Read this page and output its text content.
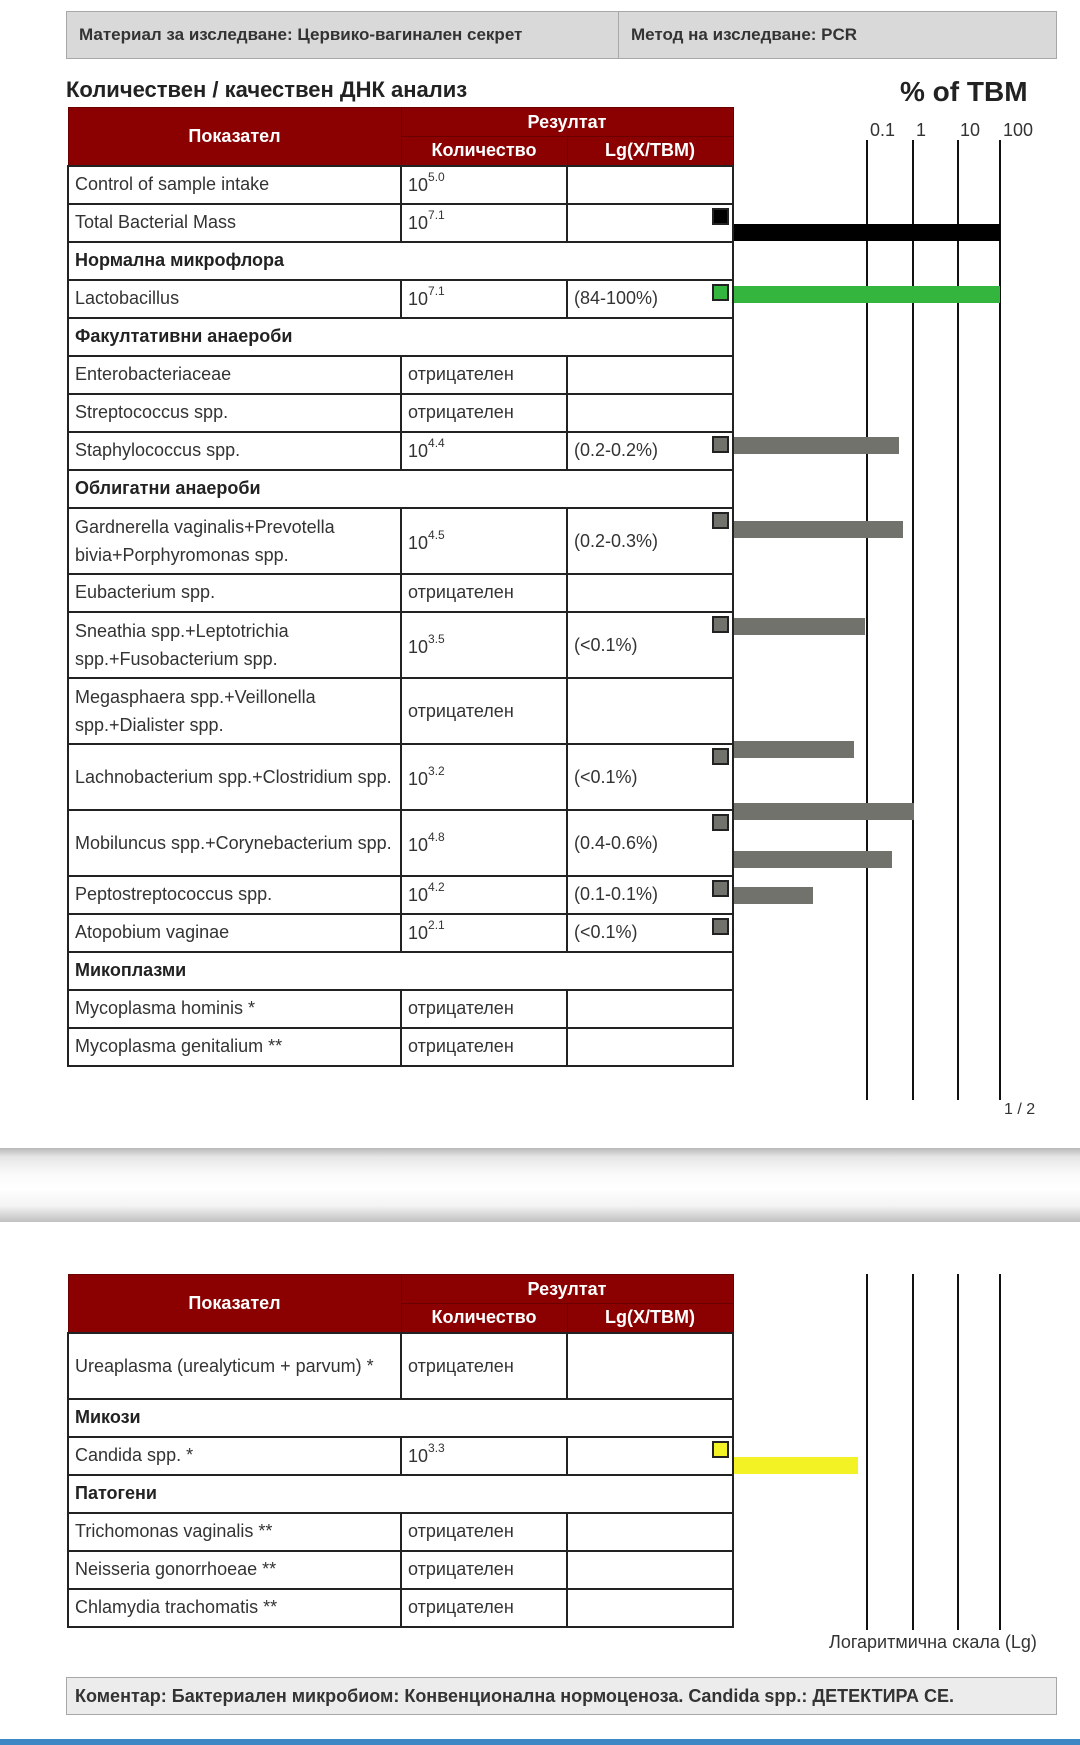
Материал за изследване: Цервико-вагинален секрет	Метод на изследване: PCR
Количествен / качествен ДНК анализ	% of TBM
0.1 1 10 100
Показател	Резултат	
	Количество	Lg(X/TBM)
Control of sample intake	$10^{5.0}$	
Total Bacterial Mass	$10^{7.1}$	

Нормална микрофлора		
Lactobacillus	$10^{7.1}$	(84-100%)

Факултативни анаероби		
Enterobacteriaceae	отрицателен	
Streptococcus spp.	отрицателен	
Staphylococcus spp.	$10^{4.4}$	(0.2-0.2%)

Облигатни анаероби		
Gardnerella vaginalis+Prevotella bivia+Porphyromonas spp.	$10^{4.5}$	(0.2-0.3%)

Eubacterium spp.	отрицателен	
Sneathia spp.+Leptotrichia spp.+Fusobacterium spp.	$10^{3.5}$	(<0.1%)

Megasphaera spp.+Veillonella spp.+Dialister spp.	отрицателен	
Lachnobacterium spp.+Clostridium spp.	$10^{3.2}$	(<0.1%)

Mobiluncus spp.+Corynebacterium spp.	$10^{4.8}$	(0.4-0.6%)

Peptostreptococcus spp.	$10^{4.2}$	(0.1-0.1%)

Atopobium vaginae	$10^{2.1}$	(<0.1%)

Микоплазми		
Mycoplasma hominis *	отрицателен	
Mycoplasma genitalium **	отрицателен	
1 / 2
Показател	Резултат	
	Количество	Lg(X/TBM)
Ureaplasma (urealyticum + parvum) *	отрицателен	
Микози		
Candida spp. *	$10^{3.3}$	

Патогени		
Trichomonas vaginalis **	отрицателен	
Neisseria gonorrhoeae **	отрицателен	
Chlamydia trachomatis **	отрицателен	
Логаритмична скала (Lg)
Коментар: Бактериален микробиом: Конвенционална нормоценоза. Candida spp.: ДЕТЕКТИРА СЕ.
